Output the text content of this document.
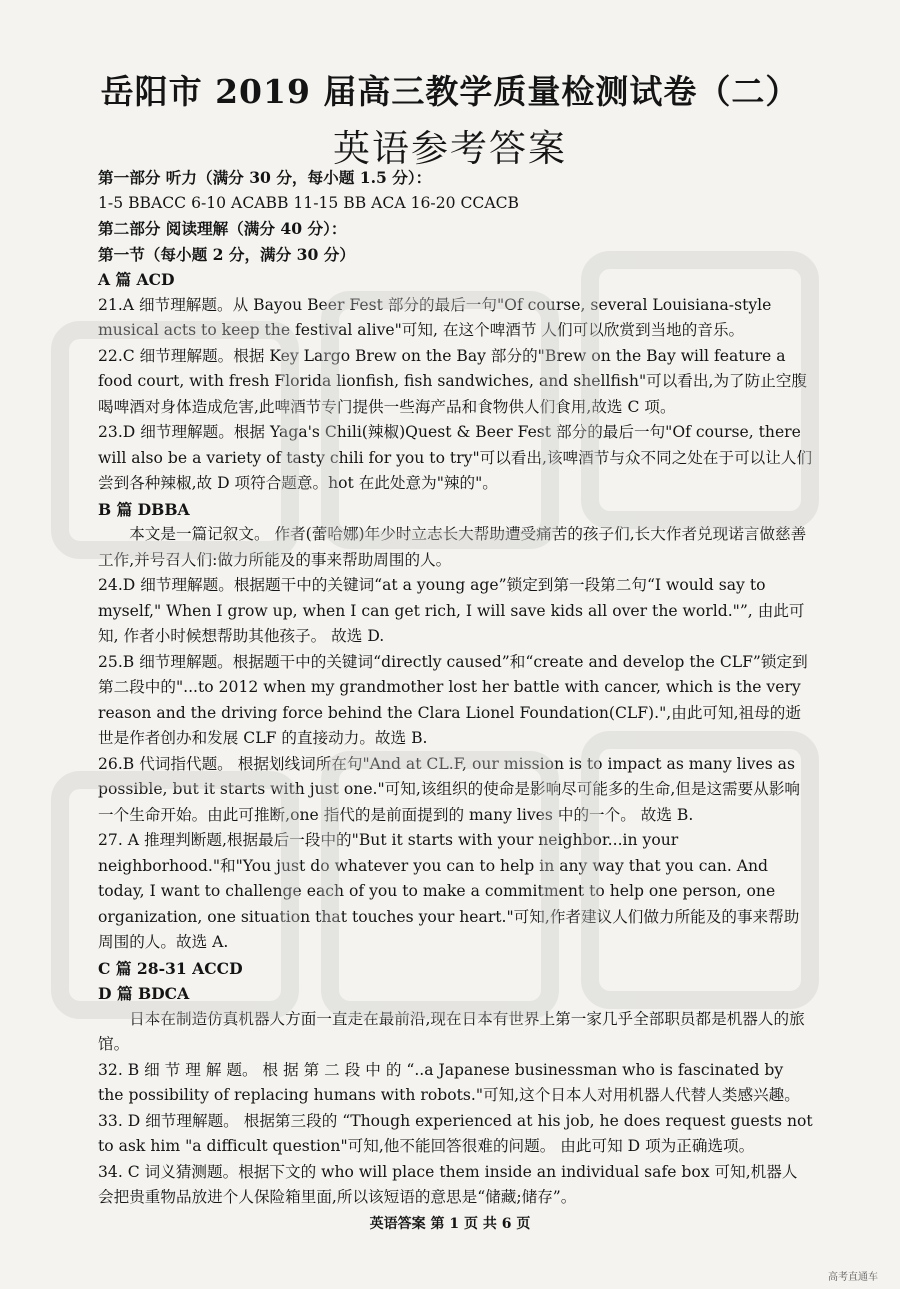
岳阳市 2019 届高三教学质量检测试卷（二）
英语参考答案

第一部分 听力（满分 30 分，每小题 1.5 分）：

1-5 BBACC 6-10 ACABB 11-15 BB ACA 16-20 CCACB

第二部分 阅读理解（满分 40 分）：

第一节（每小题 2 分，满分 30 分）

A 篇 ACD

21.A 细节理解题。从 Bayou Beer Fest 部分的最后一句"Of course, several Louisiana-style musical acts to keep the festival alive"可知, 在这个啤酒节 人们可以欣赏到当地的音乐。

22.C 细节理解题。根据 Key Largo Brew on the Bay 部分的"Brew on the Bay will feature a food court, with fresh Florida lionfish, fish sandwiches, and shellfish"可以看出,为了防止空腹喝啤酒对身体造成危害,此啤酒节专门提供一些海产品和食物供人们食用,故选 C 项。

23.D 细节理解题。根据 Yaga's Chili(辣椒)Quest & Beer Fest 部分的最后一句"Of course, there will also be a variety of tasty chili for you to try"可以看出,该啤酒节与众不同之处在于可以让人们尝到各种辣椒,故 D 项符合题意。hot 在此处意为"辣的"。

B 篇 DBBA

本文是一篇记叙文。 作者(蕾哈娜)年少时立志长大帮助遭受痛苦的孩子们,长大作者兑现诺言做慈善工作,并号召人们:做力所能及的事来帮助周围的人。

24.D 细节理解题。根据题干中的关键词“at a young age”锁定到第一段第二句“I would say to myself," When I grow up, when I can get rich, I will save kids all over the world."”, 由此可知, 作者小时候想帮助其他孩子。 故选 D.

25.B 细节理解题。根据题干中的关键词“directly caused”和“create and develop the CLF”锁定到第二段中的"...to 2012 when my grandmother lost her battle with cancer, which is the very reason and the driving force behind the Clara Lionel Foundation(CLF).",由此可知,祖母的逝世是作者创办和发展 CLF 的直接动力。故选 B.

26.B 代词指代题。 根据划线词所在句"And at CL.F, our mission is to impact as many lives as possible, but it starts with just one."可知,该组织的使命是影响尽可能多的生命,但是这需要从影响一个生命开始。由此可推断,one 指代的是前面提到的 many lives 中的一个。 故选 B.

27. A 推理判断题,根据最后一段中的"But it starts with your neighbor...in your neighborhood."和"You just do whatever you can to help in any way that you can. And today, I want to challenge each of you to make a commitment to help one person, one organization, one situation that touches your heart."可知,作者建议人们做力所能及的事来帮助周围的人。故选 A.

C 篇 28-31 ACCD

D 篇 BDCA

日本在制造仿真机器人方面一直走在最前沿,现在日本有世界上第一家几乎全部职员都是机器人的旅馆。

32. B 细 节 理 解 题。 根 据 第 二 段 中 的 “..a Japanese businessman who is fascinated by the possibility of replacing humans with robots."可知,这个日本人对用机器人代替人类感兴趣。

33. D 细节理解题。 根据第三段的 “Though experienced at his job, he does request guests not to ask him "a difficult question"可知,他不能回答很难的问题。 由此可知 D 项为正确选项。

34. C 词义猜测题。根据下文的 who will place them inside an individual safe box 可知,机器人会把贵重物品放进个人保险箱里面,所以该短语的意思是“储藏;储存”。

英语答案 第 1 页 共 6 页
高考直通车
